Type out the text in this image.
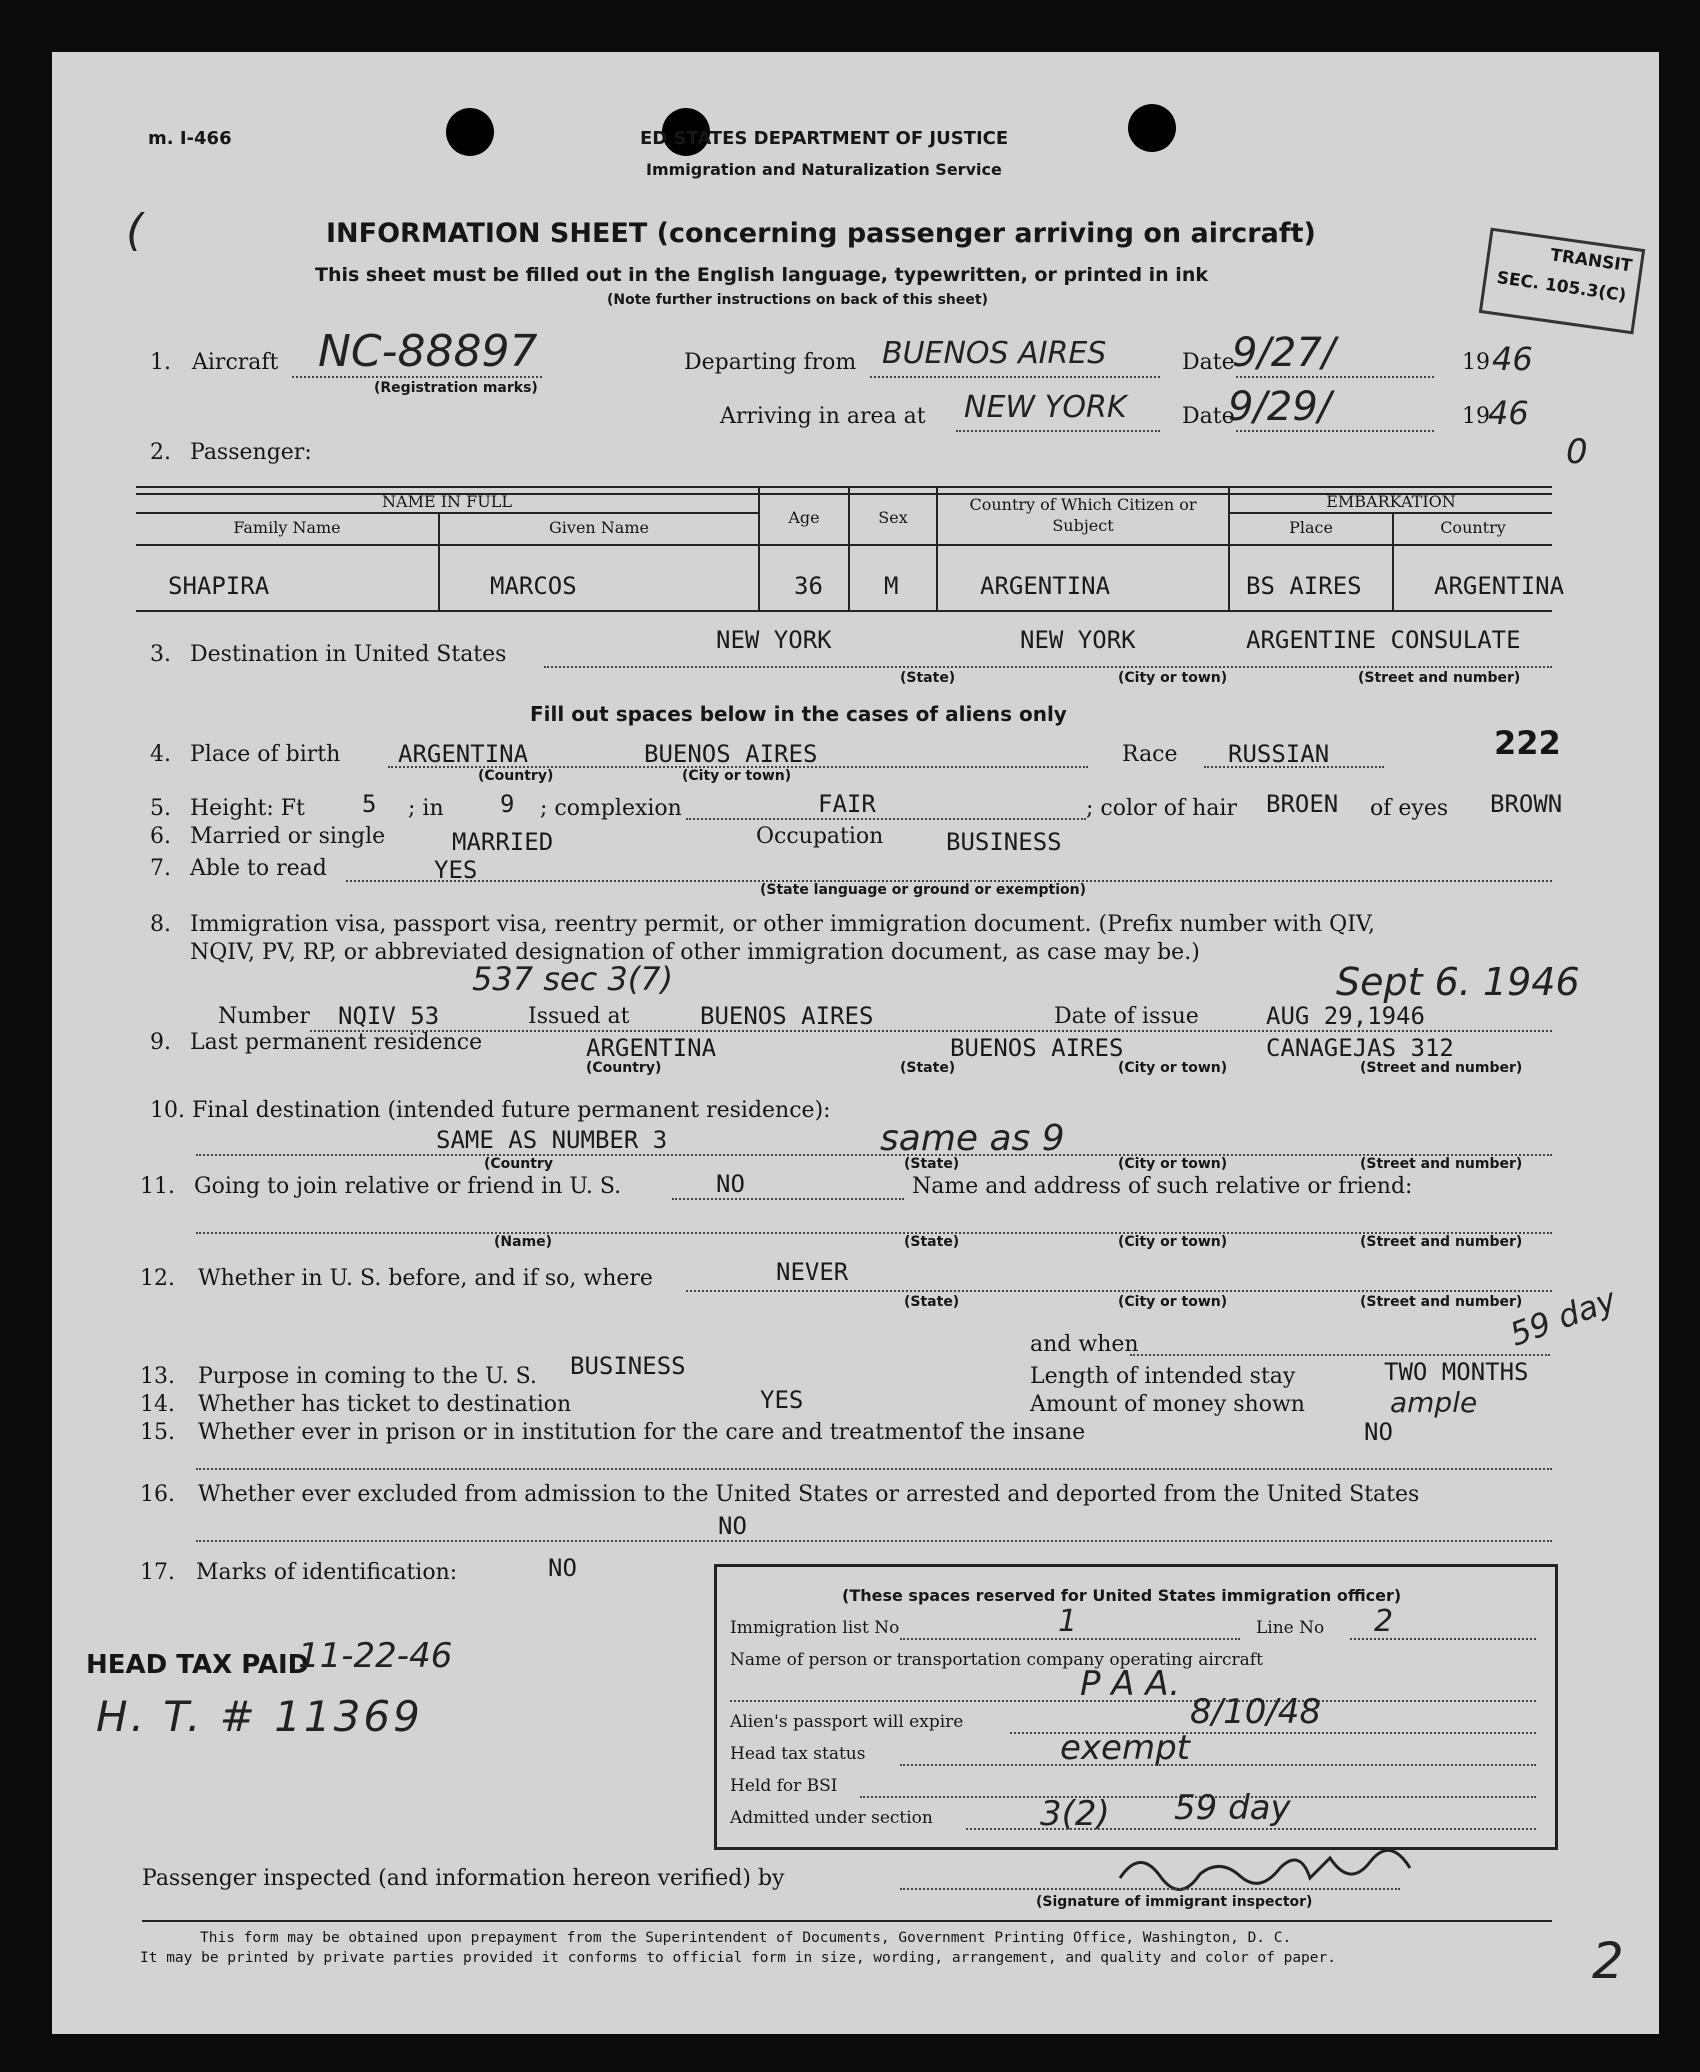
m. I-466	ED STATES DEPARTMENT OF JUSTICE
Immigration and Naturalization Service
(	INFORMATION SHEET (concerning passenger arriving on aircraft)
This sheet must be filled out in the English language, typewritten, or printed in ink
(Note further instructions on back of this sheet)
TRANSIT
SEC. 105.3(C)
1. Aircraft NC-88897
(Registration marks)
Departing from BUENOS AIRES	Date
9/27/	19 46
Arriving in area at NEW YORK	Date
9/29/	19
46
0
2. Passenger:
NAME IN FULL
Family Name	Given Name
Age	Sex
Country of Which Citizen or Subject
EMBARKATION
Place	Country
SHAPIRA	MARCOS	36	M	ARGENTINA	BS AIRES	ARGENTINA
3. Destination in United States
NEW YORK	NEW YORK	ARGENTINE CONSULATE
(State)	(City or town)	(Street and number)
Fill out spaces below in the cases of aliens only
4. Place of birth ARGENTINA	BUENOS AIRES
(Country)	(City or town)
Race RUSSIAN	222
5. Height: Ft 5 ; in 9 ; complexion	FAIR	; color of hair BROEN of eyes BROWN
6. Married or single	MARRIED	Occupation	BUSINESS
7. Able to read	YES
(State language or ground or exemption)
8. Immigration visa, passport visa, reentry permit, or other immigration document. (Prefix number with QIV,
NQIV, PV, RP, or abbreviated designation of other immigration document, as case may be.)
537 sec 3(7)	Sept 6. 1946
Number NQIV 53	Issued at	BUENOS AIRES	Date of issue	AUG 29,1946
9. Last permanent residence	ARGENTINA	BUENOS AIRES	CANAGEJAS 312
(Country)	(State)	(City or town)	(Street and number)
10. Final destination (intended future permanent residence):
SAME AS NUMBER 3	same as 9
(Country	(State)	(City or town)	(Street and number)
11. Going to join relative or friend in U. S.	NO	Name and address of such relative or friend:
(Name)	(State)	(City or town)	(Street and number)
12. Whether in U. S. before, and if so, where	NEVER
(State)	(City or town)	(Street and number)
59 day
and when
13. Purpose in coming to the U. S. BUSINESS	Length of intended stay	TWO MONTHS
14. Whether has ticket to destination	YES	Amount of money shown	ample
15. Whether ever in prison or in institution for the care and treatmentof the insane	NO
16. Whether ever excluded from admission to the United States or arrested and deported from the United States
NO
17. Marks of identification:	NO
HEAD TAX PAID
11-22-46
H. T. # 11369
(These spaces reserved for United States immigration officer)
Immigration list No	1	Line No 2
Name of person or transportation company operating aircraft
P A A.
Alien's passport will expire	8/10/48
Head tax status	exempt
Held for BSI
Admitted under section	3(2) 59 day
Passenger inspected (and information hereon verified) by
(Signature of immigrant inspector)
This form may be obtained upon prepayment from the Superintendent of Documents, Government Printing Office, Washington, D. C.
It may be printed by private parties provided it conforms to official form in size, wording, arrangement, and quality and color of paper.	2
